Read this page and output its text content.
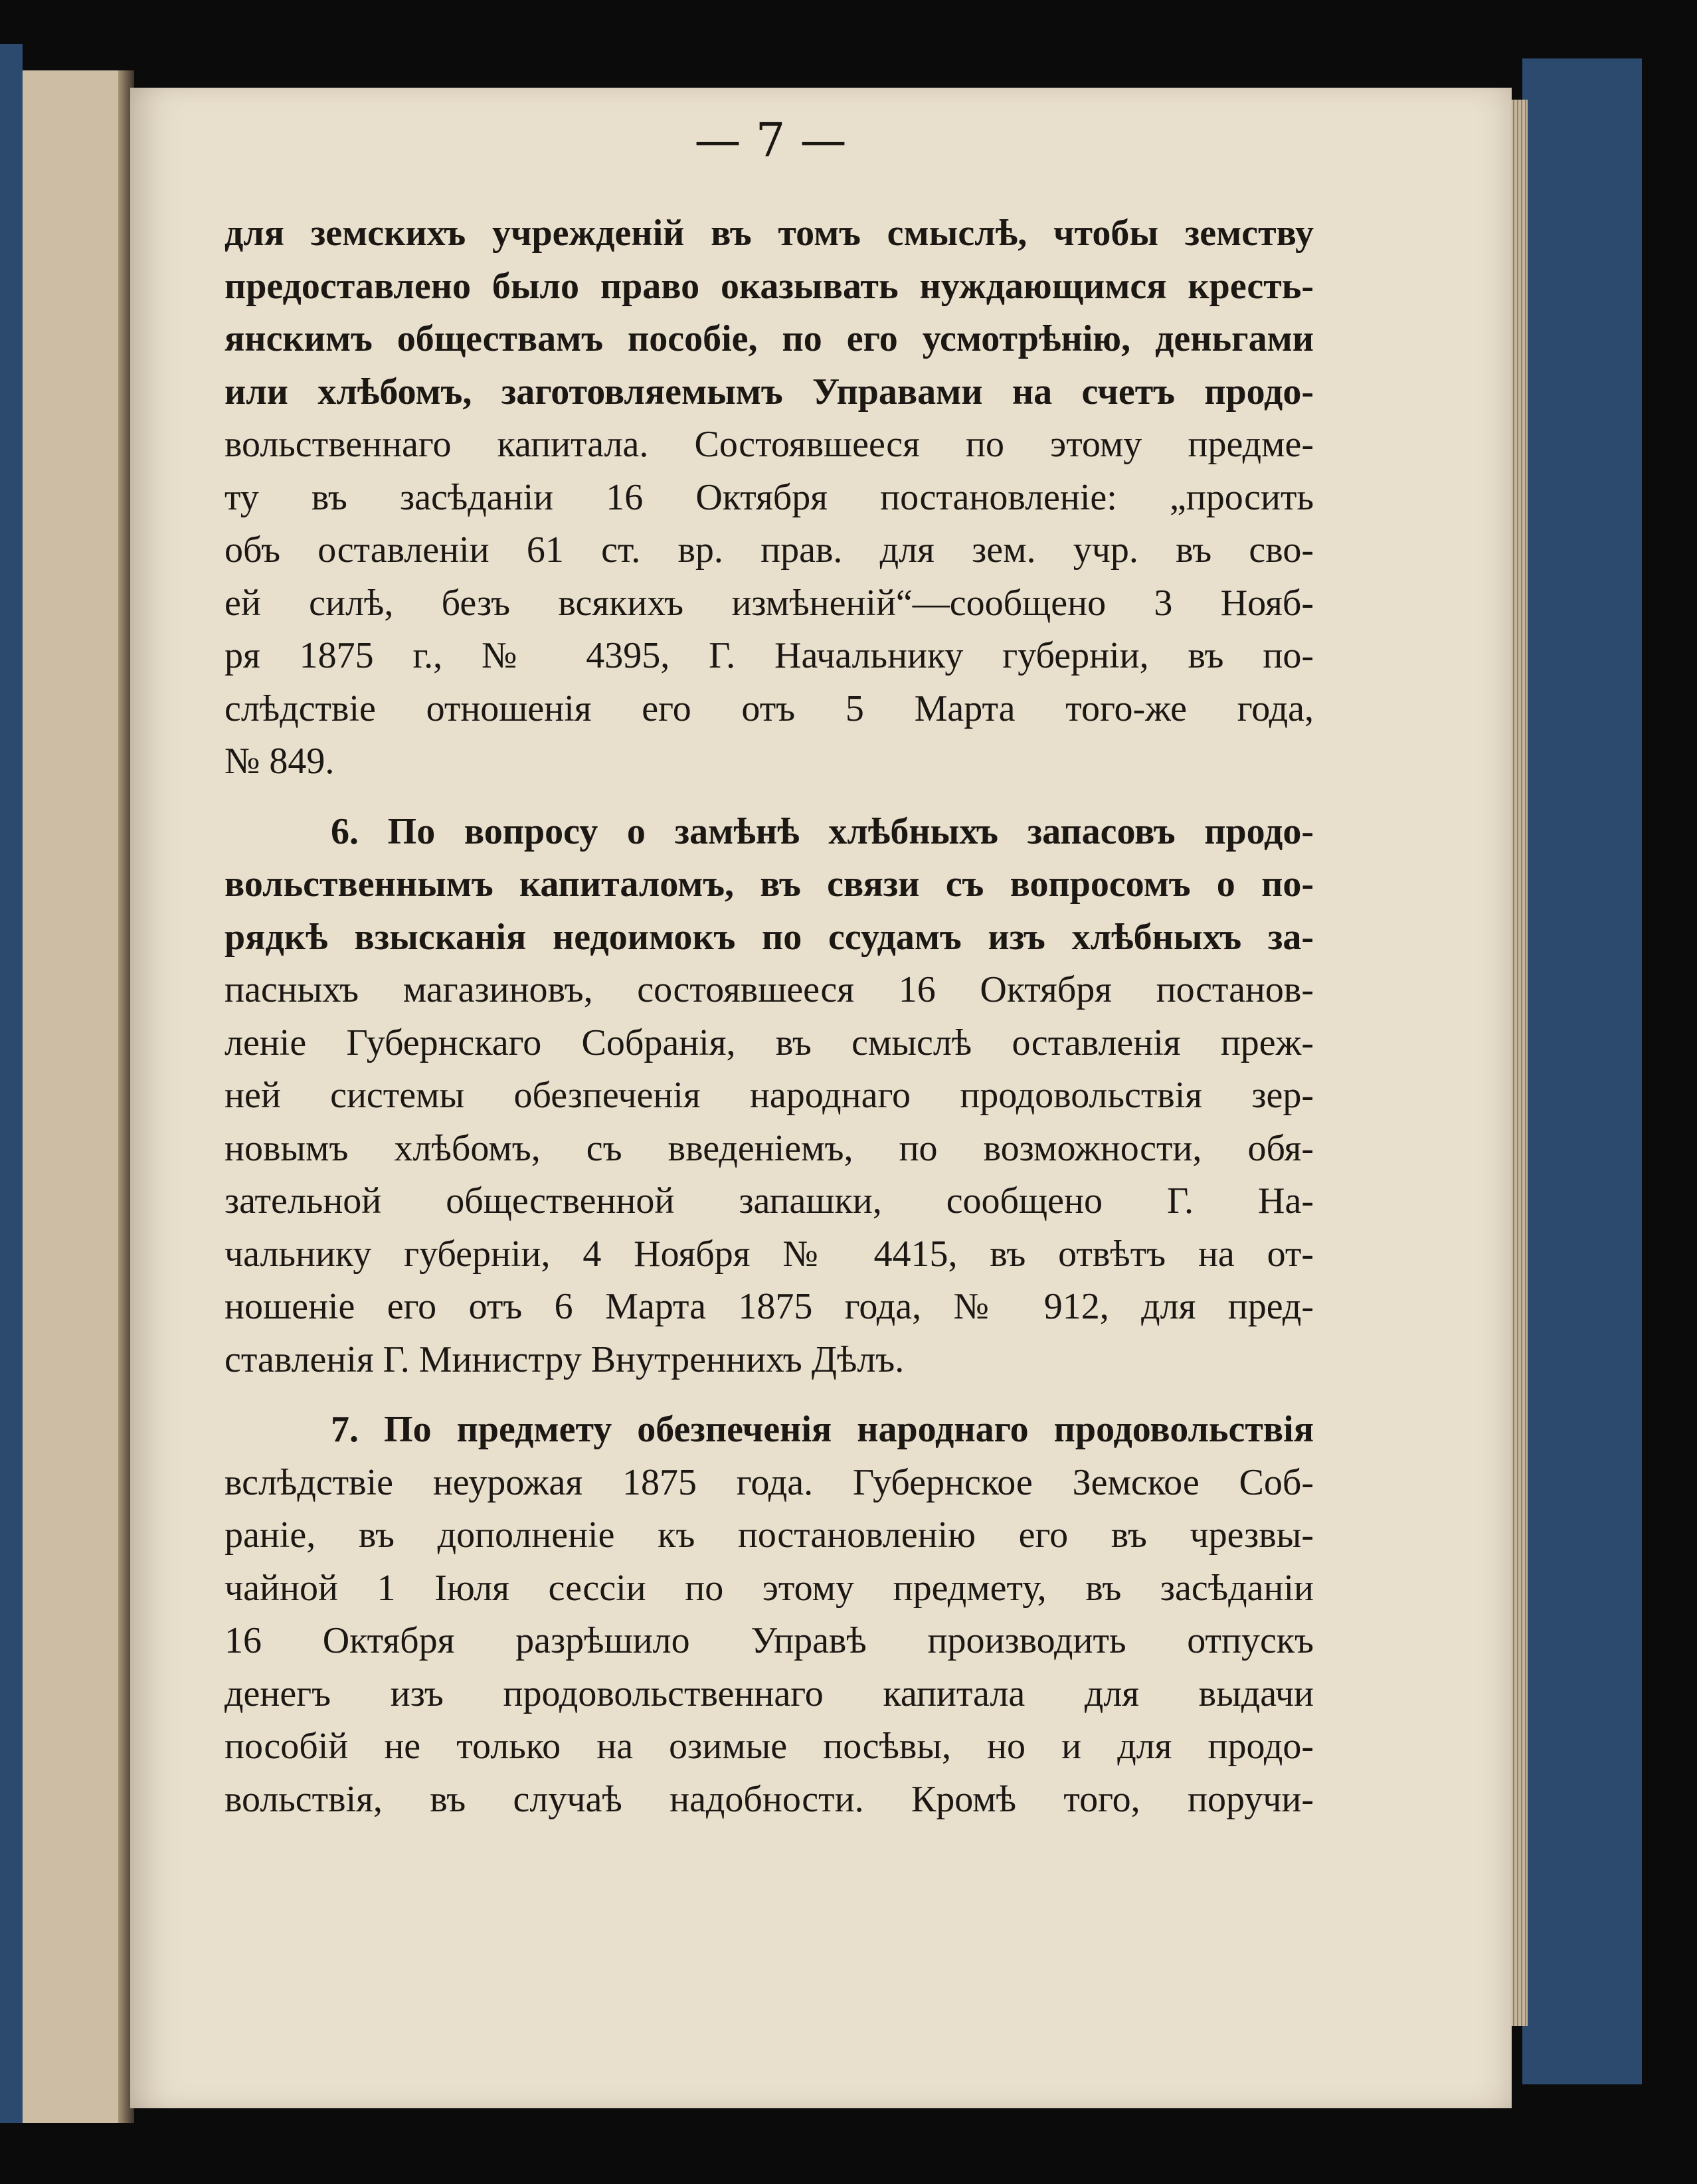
— 7 —
для земскихъ учрежденій въ томъ смыслѣ, чтобы земству
предоставлено было право оказывать нуждающимся кресть-
янскимъ обществамъ пособіе, по его усмотрѣнію, деньгами
или хлѣбомъ, заготовляемымъ Управами на счетъ продо-
вольственнаго капитала. Состоявшееся по этому предме-
ту въ засѣданіи 16 Октября постановленіе: „просить
объ оставленіи 61 ст. вр. прав. для зем. учр. въ сво-
ей силѣ, безъ всякихъ измѣненій“—сообщено 3 Нояб-
ря 1875 г., № 4395, Г. Начальнику губерніи, въ по-
слѣдствіе отношенія его отъ 5 Марта того-же года,
№ 849.
6. По вопросу о замѣнѣ хлѣбныхъ запасовъ продо-
вольственнымъ капиталомъ, въ связи съ вопросомъ о по-
рядкѣ взысканія недоимокъ по ссудамъ изъ хлѣбныхъ за-
пасныхъ магазиновъ, состоявшееся 16 Октября постанов-
леніе Губернскаго Собранія, въ смыслѣ оставленія преж-
ней системы обезпеченія народнаго продовольствія зер-
новымъ хлѣбомъ, съ введеніемъ, по возможности, обя-
зательной общественной запашки, сообщено Г. На-
чальнику губерніи, 4 Ноября № 4415, въ отвѣтъ на от-
ношеніе его отъ 6 Марта 1875 года, № 912, для пред-
ставленія Г. Министру Внутреннихъ Дѣлъ.
7. По предмету обезпеченія народнаго продовольствія
вслѣдствіе неурожая 1875 года. Губернское Земское Соб-
раніе, въ дополненіе къ постановленію его въ чрезвы-
чайной 1 Іюля сессіи по этому предмету, въ засѣданіи
16 Октября разрѣшило Управѣ производить отпускъ
денегъ изъ продовольственнаго капитала для выдачи
пособій не только на озимые посѣвы, но и для продо-
вольствія, въ случаѣ надобности. Кромѣ того, поручи-
